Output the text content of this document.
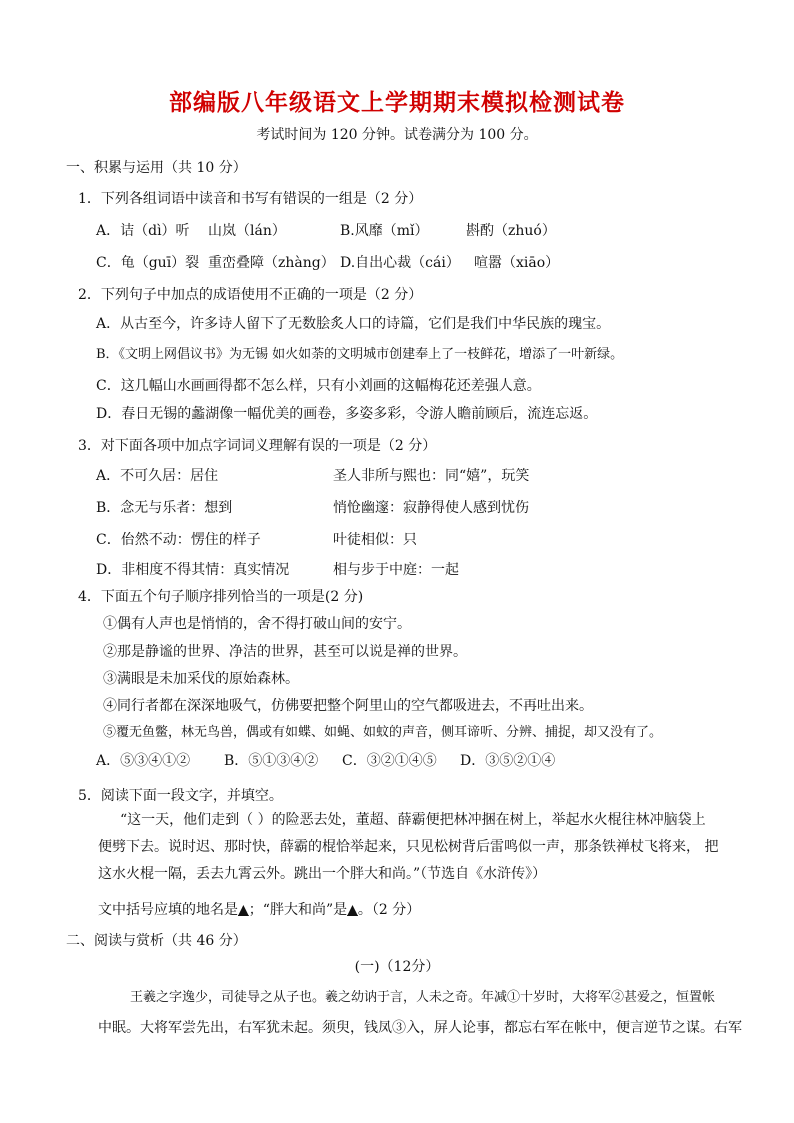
部编版八年级语文上学期期末模拟检测试卷
考试时间为 120 分钟。试卷满分为 100 分。
一、积累与运用（共 10 分）
1．下列各组词语中读音和书写有错误的一组是（2 分）
A．诘（dì）听 山岚（lán）	B.风靡（mǐ）	斟酌（zhuó）
C．龟（guī）裂 重峦叠障（zhàng） D.自出心裁（cái） 喧嚣（xiāo）
2．下列句子中加点的成语使用不正确的一项是（2 分）
A．从古至今，许多诗人留下了无数脍炙人口的诗篇，它们是我们中华民族的瑰宝。
B．《文明上网倡议书》为无锡 如火如荼的文明城市创建奉上了一枝鲜花，增添了一叶新绿。
C．这几幅山水画画得都不怎么样，只有小刘画的这幅梅花还差强人意。
D．春日无锡的蠡湖像一幅优美的画卷，多姿多彩，令游人瞻前顾后，流连忘返。
3．对下面各项中加点字词词义理解有误的一项是（2 分）
A．不可久居：居住	圣人非所与熙也：同“嬉”，玩笑
B．念无与乐者：想到	悄怆幽邃：寂静得使人感到忧伤
C．佁然不动：愣住的样子	叶徒相似：只
D．非相度不得其情：真实情况	相与步于中庭：一起
4．下面五个句子顺序排列恰当的一项是(2 分)
①偶有人声也是悄悄的，舍不得打破山间的安宁。
②那是静谧的世界、净洁的世界，甚至可以说是禅的世界。
③满眼是未加采伐的原始森林。
④同行者都在深深地吸气，仿佛要把整个阿里山的空气都吸进去，不再吐出来。
⑤覆无鱼鳖，林无鸟兽，偶或有如蝶、如蝇、如蚊的声音，侧耳谛听、分辨、捕捉，却又没有了。
A．⑤③④①② B．⑤①③④② C．③②①④⑤ D．③⑤②①④
5．阅读下面一段文字，并填空。
“这一天，他们走到（ ）的险恶去处，董超、薛霸便把林冲捆在树上，举起水火棍往林冲脑袋上
便劈下去。说时迟、那时快，薛霸的棍恰举起来，只见松树背后雷鸣似一声，那条铁禅杖飞将来， 把
这水火棍一隔，丢去九霄云外。跳出一个胖大和尚。”（节选自《水浒传》）
文中括号应填的地名是▲；“胖大和尚”是▲。（2 分）
二、阅读与赏析（共 46 分）
(一)（12分）
王羲之字逸少，司徒导之从子也。羲之幼讷于言，人未之奇。年减①十岁时，大将军②甚爱之，恒置帐
中眠。大将军尝先出，右军犹未起。须臾，钱凤③入，屏人论事，都忘右军在帐中，便言逆节之谋。右军
